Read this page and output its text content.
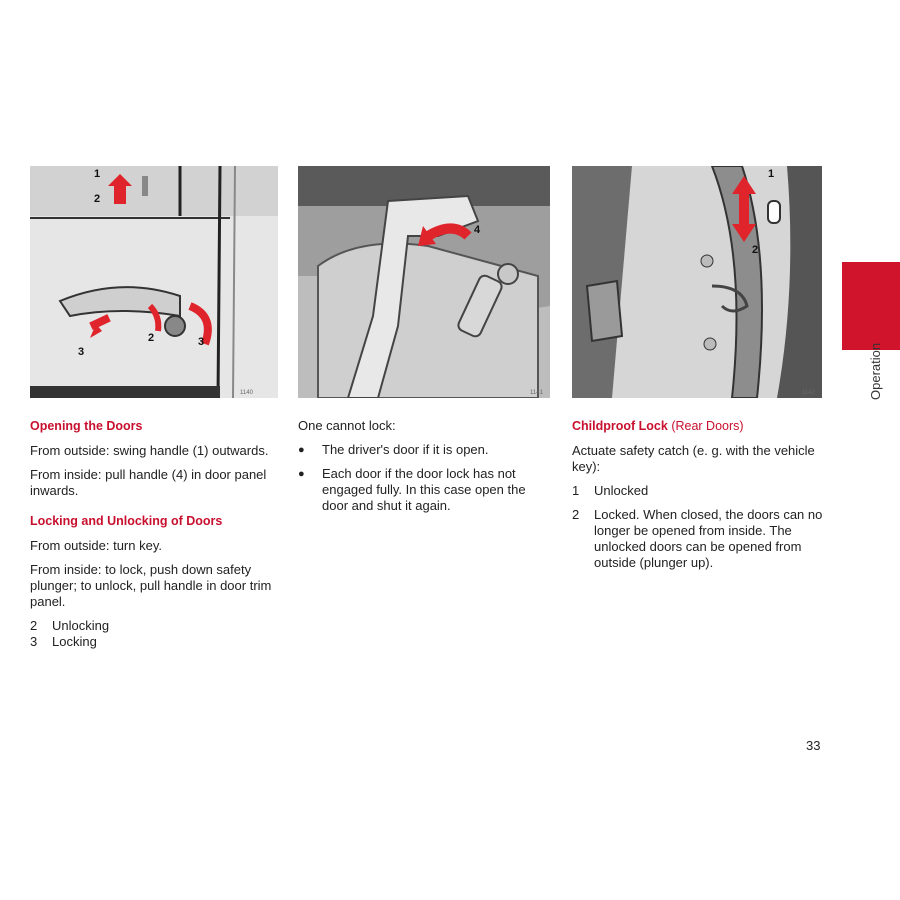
1140
1
2
3
2	3
1141
4
1142
1
2
Opening the Doors

From outside: swing handle (1) outwards.

From inside: pull handle (4) in door panel inwards.

Locking and Unlocking of Doors

From outside: turn key.

From inside: to lock, push down safety plunger; to unlock, pull handle in door trim panel.

2	Unlocking
3	Locking

One cannot lock:

●	The driver's door if it is open.
●	Each door if the door lock has not engaged fully. In this case open the door and shut it again.
Childproof Lock (Rear Doors)

Actuate safety catch (e. g. with the vehicle key):

1	Unlocked
2	Locked. When closed, the doors can no longer be opened from inside. The unlocked doors can be opened from outside (plunger up).
Operation
33
